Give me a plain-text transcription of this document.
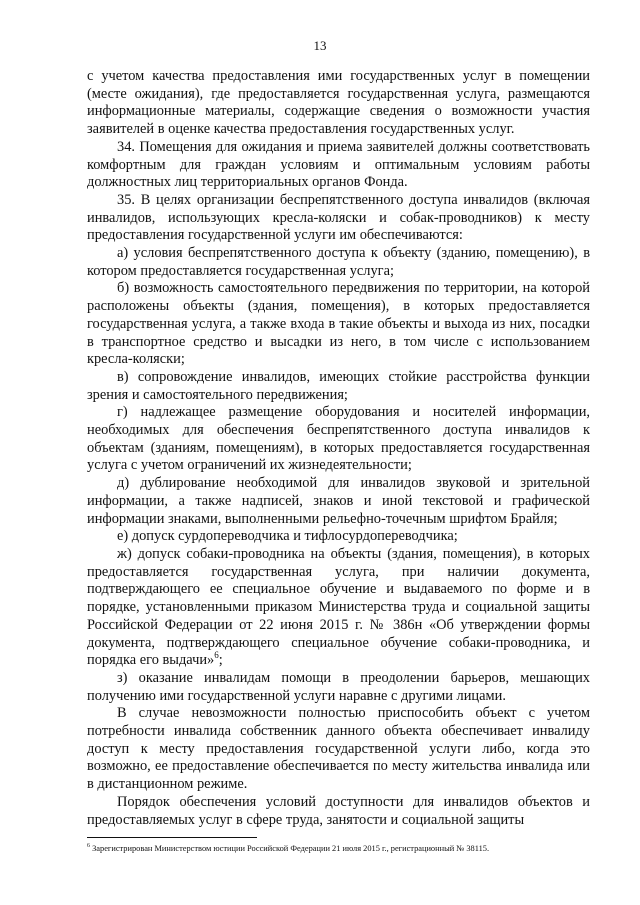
13

с учетом качества предоставления ими государственных услуг в помещении (месте ожидания), где предоставляется государственная услуга, размещаются информационные материалы, содержащие сведения о возможности участия заявителей в оценке качества предоставления государственных услуг.

34. Помещения для ожидания и приема заявителей должны соответствовать комфортным для граждан условиям и оптимальным условиям работы должностных лиц территориальных органов Фонда.

35. В целях организации беспрепятственного доступа инвалидов (включая инвалидов, использующих кресла-коляски и собак-проводников) к месту предоставления государственной услуги им обеспечиваются:

а) условия беспрепятственного доступа к объекту (зданию, помещению), в котором предоставляется государственная услуга;

б) возможность самостоятельного передвижения по территории, на которой расположены объекты (здания, помещения), в которых предоставляется государственная услуга, а также входа в такие объекты и выхода из них, посадки в транспортное средство и высадки из него, в том числе с использованием кресла-коляски;

в) сопровождение инвалидов, имеющих стойкие расстройства функции зрения и самостоятельного передвижения;

г) надлежащее размещение оборудования и носителей информации, необходимых для обеспечения беспрепятственного доступа инвалидов к объектам (зданиям, помещениям), в которых предоставляется государственная услуга с учетом ограничений их жизнедеятельности;

д) дублирование необходимой для инвалидов звуковой и зрительной информации, а также надписей, знаков и иной текстовой и графической информации знаками, выполненными рельефно-точечным шрифтом Брайля;

е) допуск сурдопереводчика и тифлосурдопереводчика;

ж) допуск собаки-проводника на объекты (здания, помещения), в которых предоставляется государственная услуга, при наличии документа, подтверждающего ее специальное обучение и выдаваемого по форме и в порядке, установленными приказом Министерства труда и социальной защиты Российской Федерации от 22 июня 2015 г. № 386н «Об утверждении формы документа, подтверждающего специальное обучение собаки-проводника, и порядка его выдачи»$^6$;

з) оказание инвалидам помощи в преодолении барьеров, мешающих получению ими государственной услуги наравне с другими лицами.

В случае невозможности полностью приспособить объект с учетом потребности инвалида собственник данного объекта обеспечивает инвалиду доступ к месту предоставления государственной услуги либо, когда это возможно, ее предоставление обеспечивается по месту жительства инвалида или в дистанционном режиме.

Порядок обеспечения условий доступности для инвалидов объектов и предоставляемых услуг в сфере труда, занятости и социальной защиты

$^6$ Зарегистрирован Министерством юстиции Российской Федерации 21 июля 2015 г., регистрационный № 38115.
